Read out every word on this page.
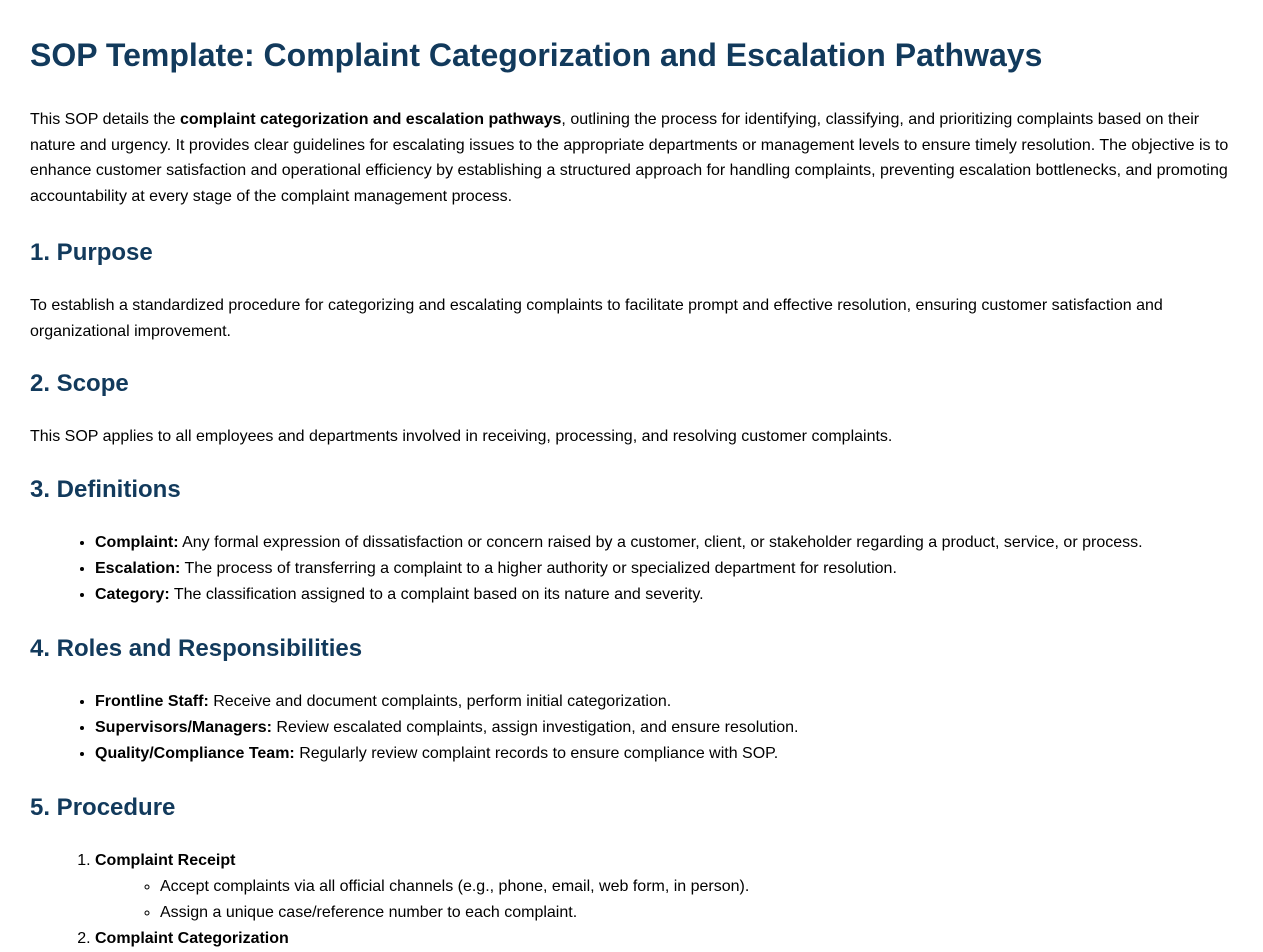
SOP Template: Complaint Categorization and Escalation Pathways

This SOP details the complaint categorization and escalation pathways, outlining the process for identifying, classifying, and prioritizing complaints based on their nature and urgency. It provides clear guidelines for escalating issues to the appropriate departments or management levels to ensure timely resolution. The objective is to enhance customer satisfaction and operational efficiency by establishing a structured approach for handling complaints, preventing escalation bottlenecks, and promoting accountability at every stage of the complaint management process.

1. Purpose

To establish a standardized procedure for categorizing and escalating complaints to facilitate prompt and effective resolution, ensuring customer satisfaction and organizational improvement.

2. Scope

This SOP applies to all employees and departments involved in receiving, processing, and resolving customer complaints.

3. Definitions
• Complaint: Any formal expression of dissatisfaction or concern raised by a customer, client, or stakeholder regarding a product, service, or process.
• Escalation: The process of transferring a complaint to a higher authority or specialized department for resolution.
• Category: The classification assigned to a complaint based on its nature and severity.
4. Roles and Responsibilities
• Frontline Staff: Receive and document complaints, perform initial categorization.
• Supervisors/Managers: Review escalated complaints, assign investigation, and ensure resolution.
• Quality/Compliance Team: Regularly review complaint records to ensure compliance with SOP.
5. Procedure
1. Complaint Receipt
◦ Accept complaints via all official channels (e.g., phone, email, web form, in person).
◦ Assign a unique case/reference number to each complaint.
2. Complaint Categorization
